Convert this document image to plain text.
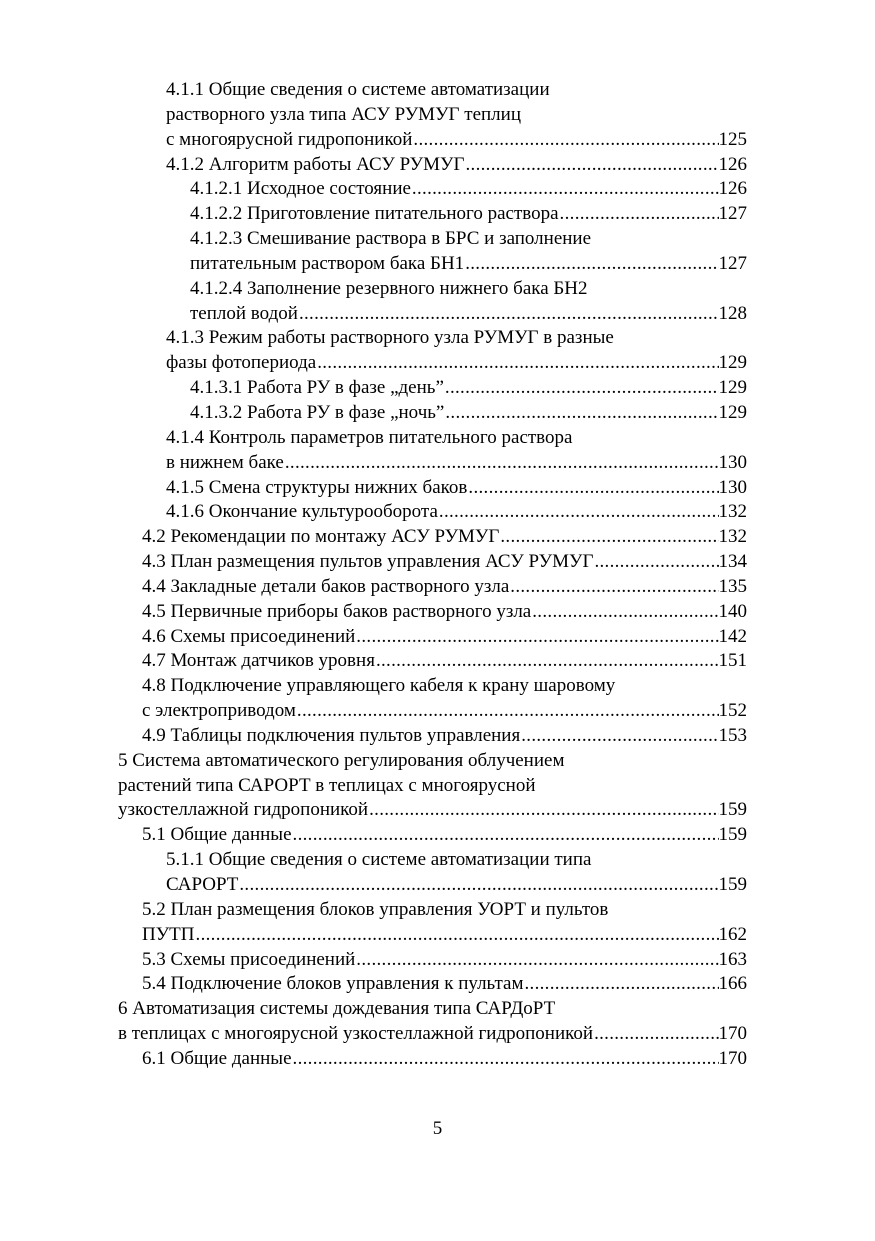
4.1.1 Общие сведения о системе автоматизации
растворного узла типа АСУ РУМУГ теплиц
с многоярусной гидропоникой .....	125
4.1.2 Алгоритм работы АСУ РУМУГ .....	126
4.1.2.1 Исходное состояние .....	126
4.1.2.2 Приготовление питательного раствора .....	127
4.1.2.3 Смешивание раствора в БРС и заполнение
питательным раствором бака БН1 .....	127
4.1.2.4 Заполнение резервного нижнего бака БН2
теплой водой .....	128
4.1.3 Режим работы растворного узла РУМУГ в разные
фазы фотопериода .....	129
4.1.3.1 Работа РУ в фазе „день” .....	129
4.1.3.2 Работа РУ в фазе „ночь” .....	129
4.1.4 Контроль параметров питательного раствора
в нижнем баке .....	130
4.1.5 Смена структуры нижних баков .....	130
4.1.6 Окончание культурооборота .....	132
4.2 Рекомендации по монтажу АСУ РУМУГ .....	132
4.3 План размещения пультов управления АСУ РУМУГ .....	134
4.4 Закладные детали баков растворного узла .....	135
4.5 Первичные приборы баков растворного узла .....	140
4.6 Схемы присоединений .....	142
4.7 Монтаж датчиков уровня .....	151
4.8 Подключение управляющего кабеля к крану шаровому
с электроприводом .....	152
4.9 Таблицы подключения пультов управления .....	153
5 Система автоматического регулирования облучением
растений типа САРОРТ в теплицах с многоярусной
узкостеллажной гидропоникой .....	159
5.1 Общие данные .....	159
5.1.1 Общие сведения о системе автоматизации типа
САРОРТ .....	159
5.2 План размещения блоков управления УОРТ и пультов
ПУТП .....	162
5.3 Схемы присоединений .....	163
5.4 Подключение блоков управления к пультам .....	166
6 Автоматизация системы дождевания типа САРДоРТ
в теплицах с многоярусной узкостеллажной гидропоникой .....	170
6.1 Общие данные .....	170
5
